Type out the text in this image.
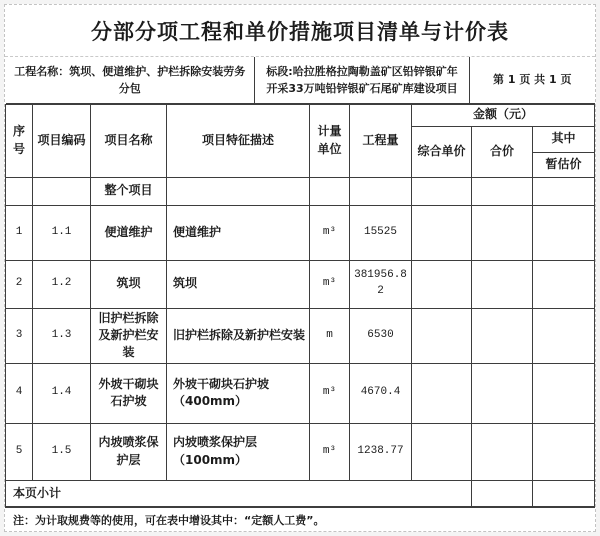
分部分项工程和单价措施项目清单与计价表
工程名称：筑坝、便道维护、护栏拆除安装劳务分包	标段:哈拉胜格拉陶勒盖矿区铅锌银矿年开采33万吨铅锌银矿石尾矿库建设项目	第 1 页 共 1 页
序号	项目编码	项目名称	项目特征描述	计量单位	工程量	金额（元）		
						综合单价	合价	其中
								暂估价
		整个项目						
1	1.1	便道维护	便道维护	m³	15525			
2	1.2	筑坝	筑坝	m³	381956.82			
3	1.3	旧护栏拆除及新护栏安装	旧护栏拆除及新护栏安装	m	6530			
4	1.4	外坡干砌块石护坡	外坡干砌块石护坡（400mm）	m³	4670.4			
5	1.5	内坡喷浆保护层	内坡喷浆保护层（100mm）	m³	1238.77			
本页小计								
注：为计取规费等的使用，可在表中增设其中：“定额人工费”。
